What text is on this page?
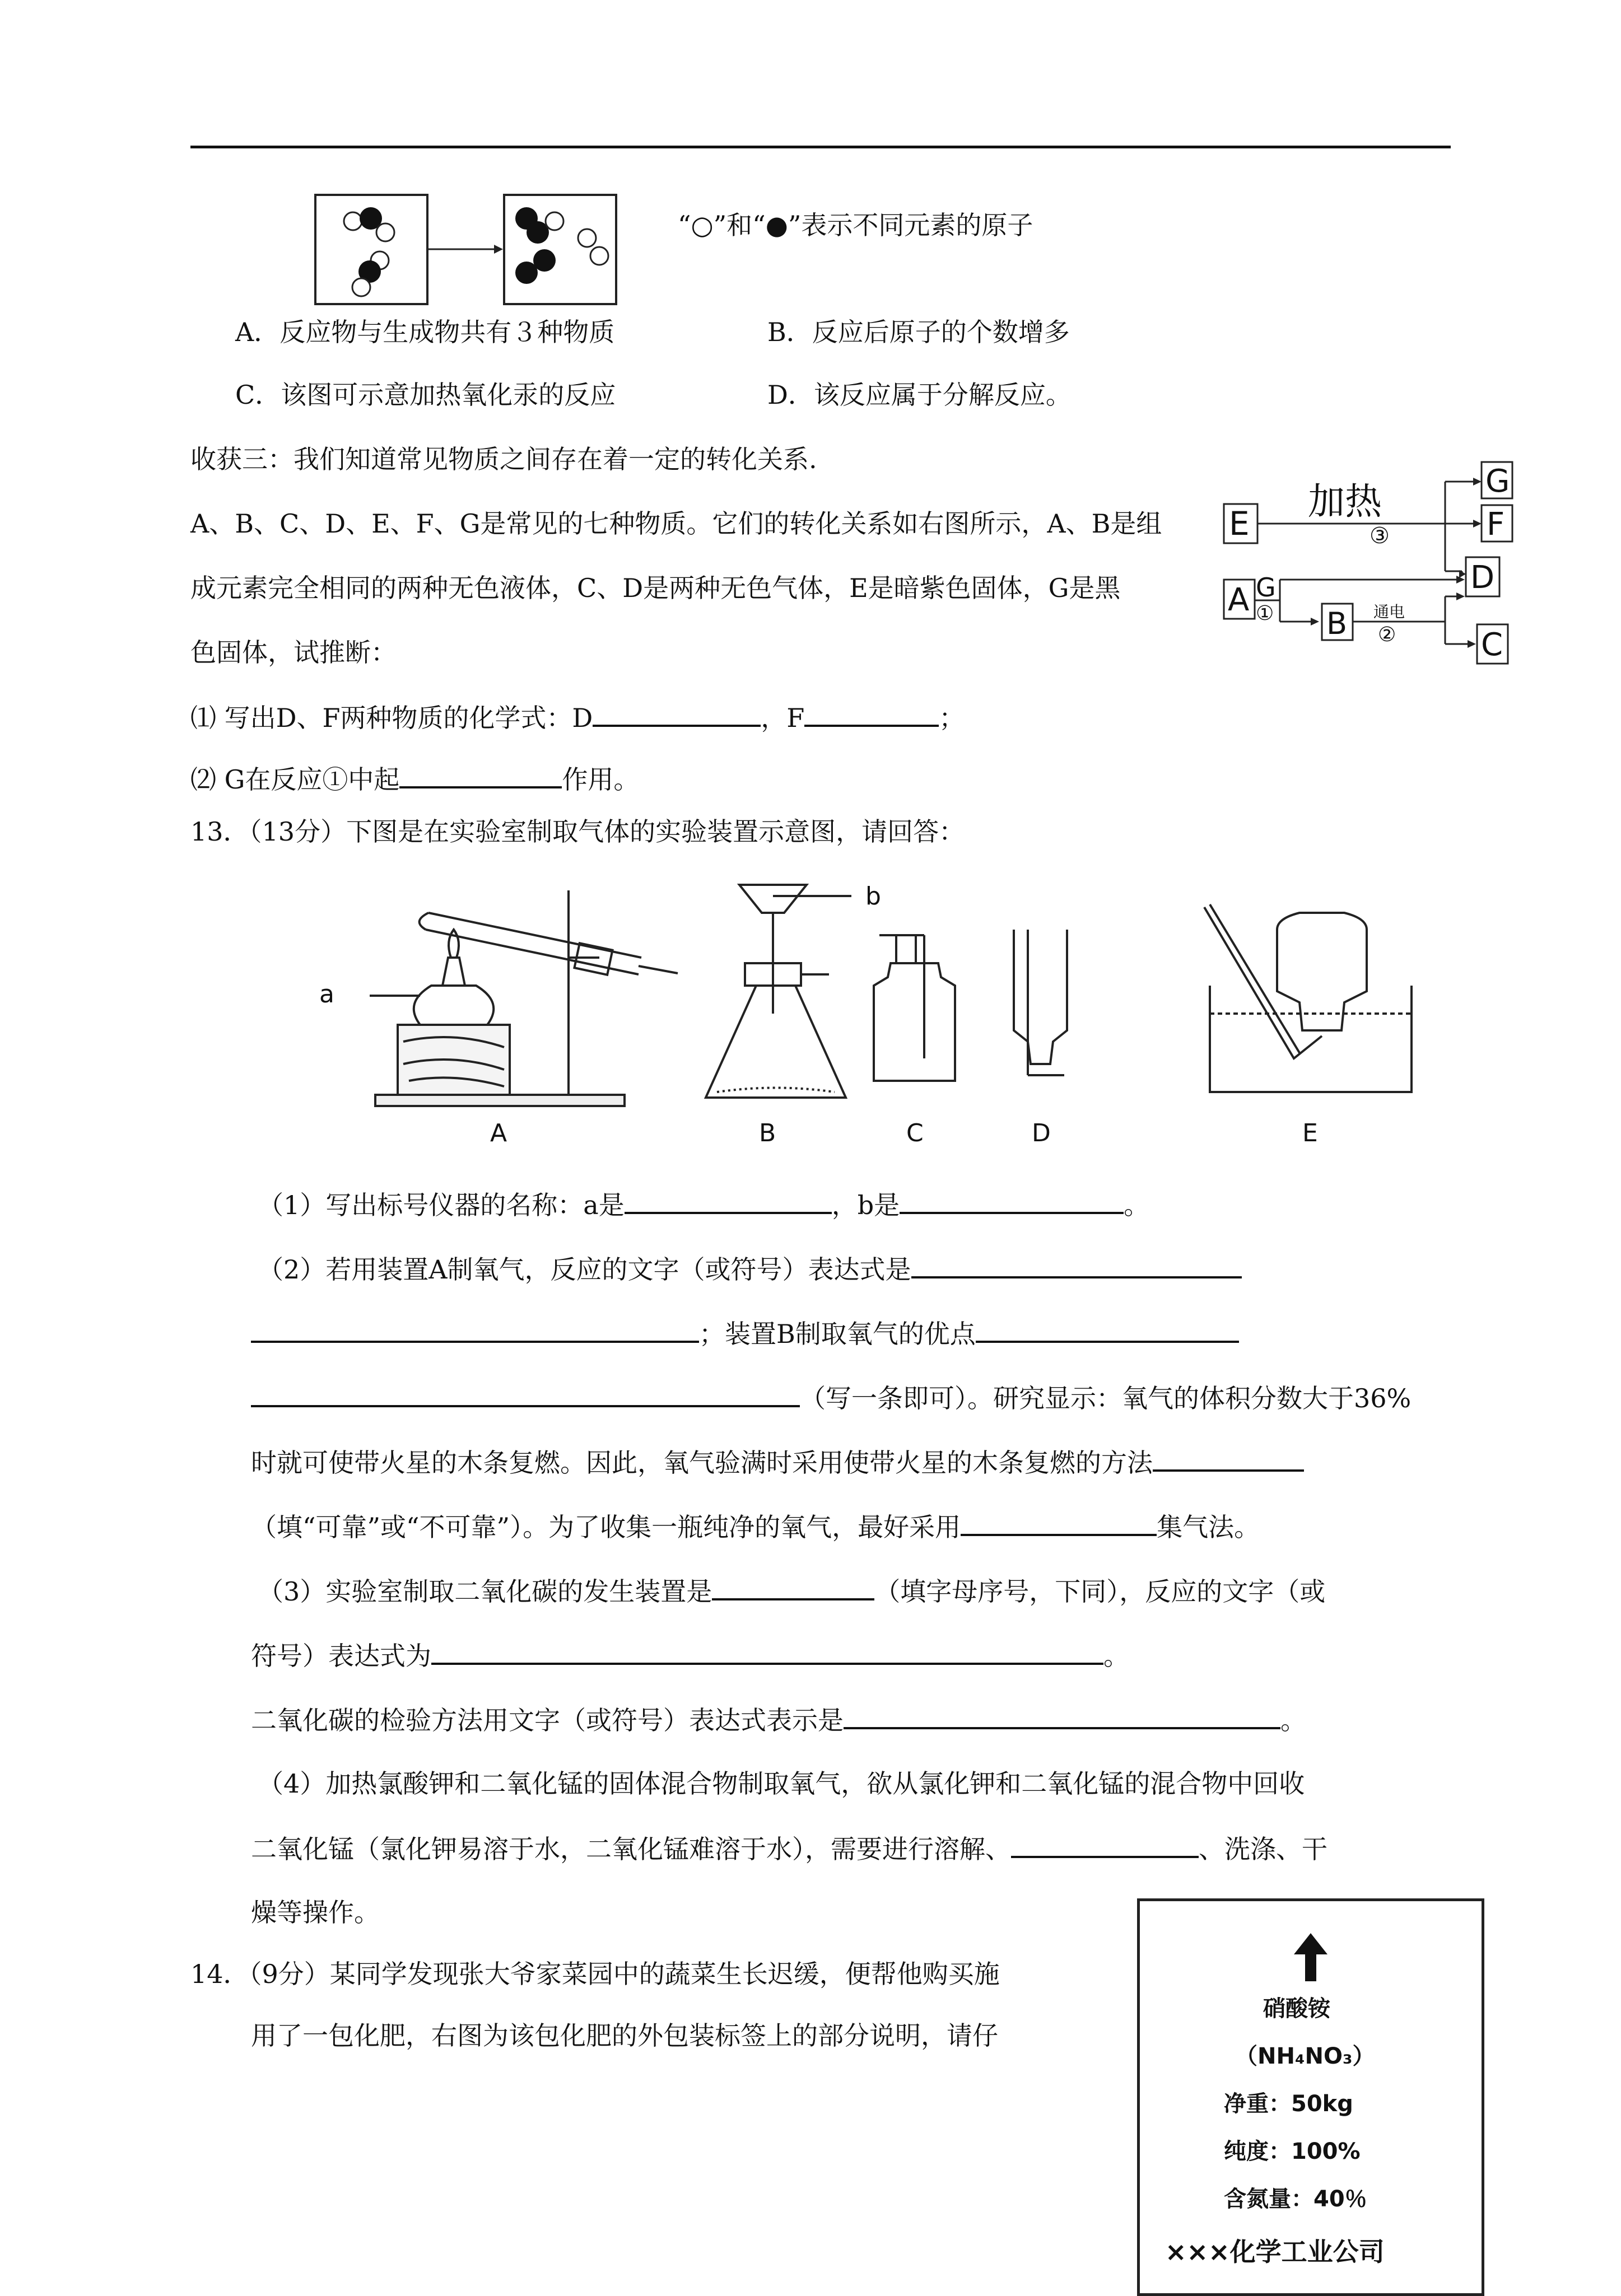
“○”和“●”表示不同元素的原子
A．反应物与生成物共有３种物质	B．反应后原子的个数增多
C．该图可示意加热氧化汞的反应	D．该反应属于分解反应。
收获三：我们知道常见物质之间存在着一定的转化关系.
A、B、C、D、E、F、G是常见的七种物质。它们的转化关系如右图所示，A、B是组
成元素完全相同的两种无色液体，C、D是两种无色气体，E是暗紫色固体，G是黑
色固体，试推断：
E
加热
③
G
F
D
A G
① B 通电
②	C
⑴ 写出D、F两种物质的化学式：D	，F	；
⑵ G在反应①中起	作用。
13．（13分）下图是在实验室制取气体的实验装置示意图，请回答：
a
b
A	B	C	D	E
（1）写出标号仪器的名称：a是	，b是	。
（2）若用装置A制氧气，反应的文字（或符号）表达式是
；装置B制取氧气的优点
（写一条即可）。研究显示：氧气的体积分数大于36%
时就可使带火星的木条复燃。因此，氧气验满时采用使带火星的木条复燃的方法
（填“可靠”或“不可靠”）。为了收集一瓶纯净的氧气，最好采用	集气法。
（3）实验室制取二氧化碳的发生装置是	（填字母序号，下同），反应的文字（或
符号）表达式为	。
二氧化碳的检验方法用文字（或符号）表达式表示是	。
（4）加热氯酸钾和二氧化锰的固体混合物制取氧气，欲从氯化钾和二氧化锰的混合物中回收
二氧化锰（氯化钾易溶于水，二氧化锰难溶于水），需要进行溶解、	、洗涤、干
燥等操作。
14．（9分）某同学发现张大爷家菜园中的蔬菜生长迟缓，便帮他购买施
用了一包化肥，右图为该包化肥的外包装标签上的部分说明，请仔
硝酸铵
（NH₄NO₃）
净重：50kg
纯度：100%
含氮量：40％
×××化学工业公司
